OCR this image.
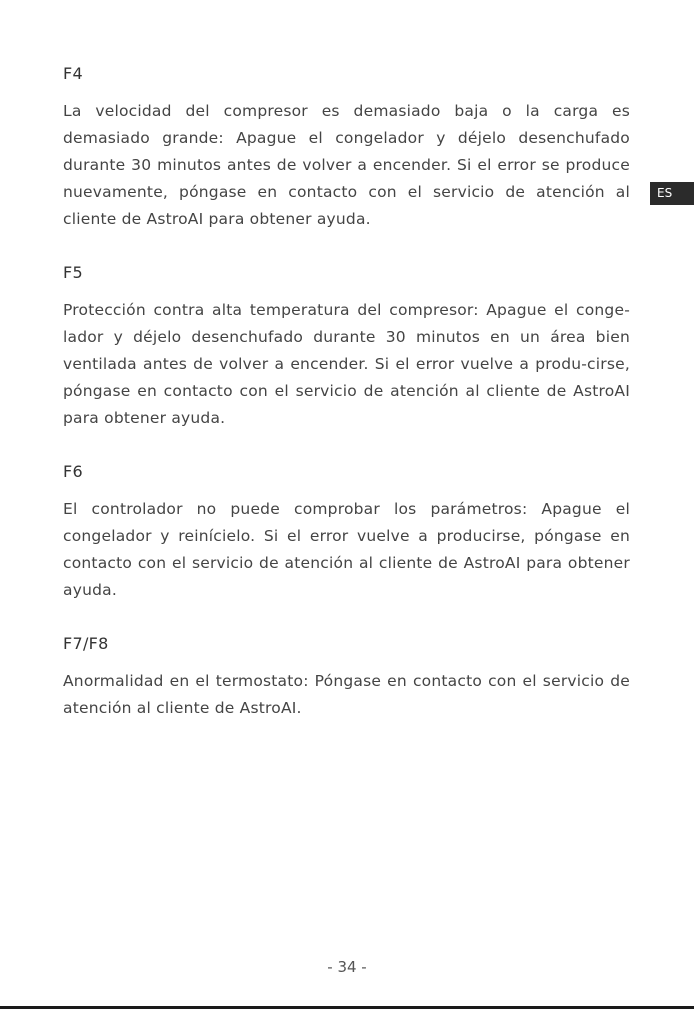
F4

La velocidad del compresor es demasiado baja o la carga es demasiado grande: Apague el congelador y déjelo desenchufado durante 30 minutos antes de volver a encender. Si el error se produce nuevamente, póngase en contacto con el servicio de atención al cliente de AstroAI para obtener ayuda.

F5

Protección contra alta temperatura del compresor: Apague el conge-lador y déjelo desenchufado durante 30 minutos en un área bien ventilada antes de volver a encender. Si el error vuelve a produ-cirse, póngase en contacto con el servicio de atención al cliente de AstroAI para obtener ayuda.

F6

El controlador no puede comprobar los parámetros: Apague el congelador y reinícielo. Si el error vuelve a producirse, póngase en contacto con el servicio de atención al cliente de AstroAI para obtener ayuda.

F7/F8

Anormalidad en el termostato: Póngase en contacto con el servicio de atención al cliente de AstroAI.

ES
- 34 -
